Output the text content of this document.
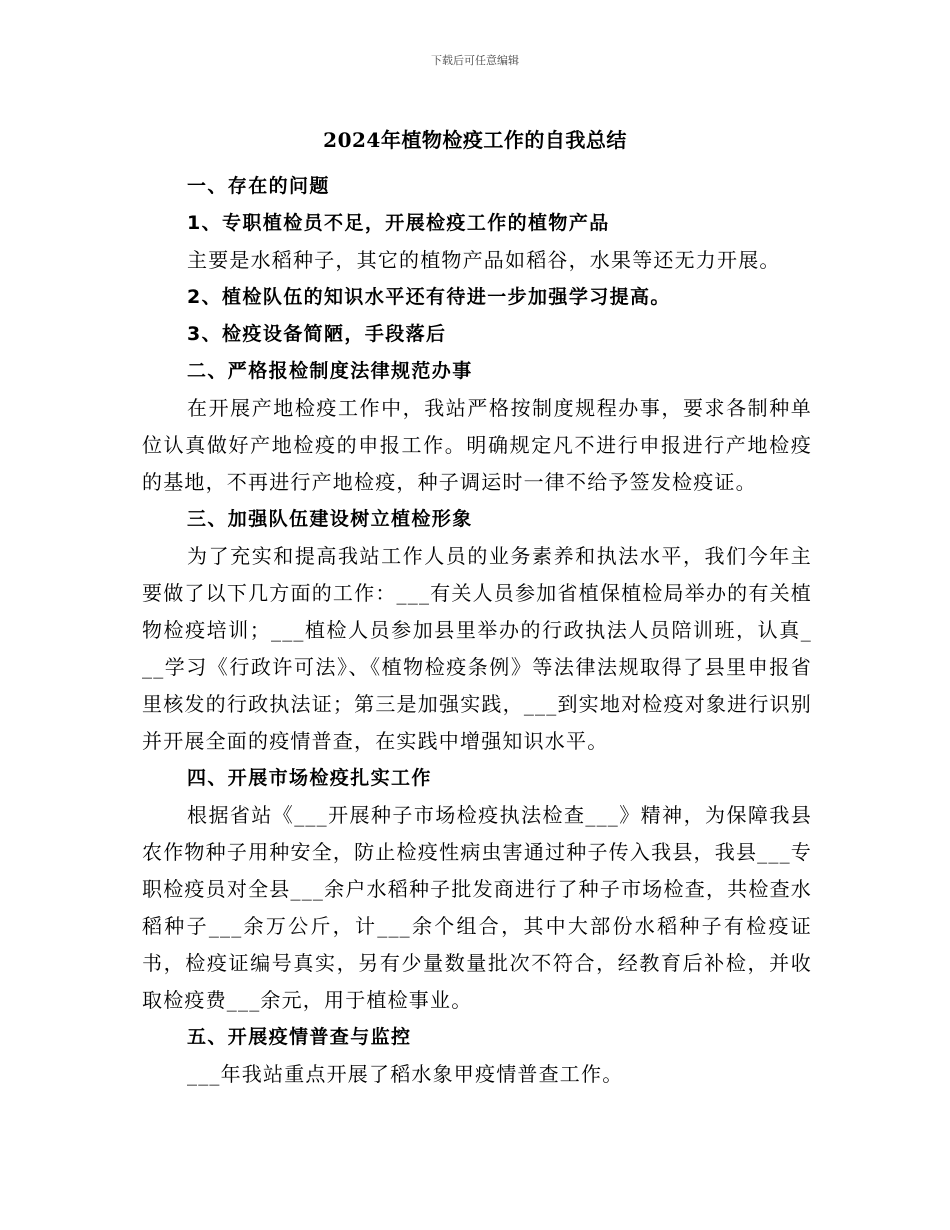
下载后可任意编辑
2024年植物检疫工作的自我总结

一、存在的问题

1、专职植检员不足，开展检疫工作的植物产品

主要是水稻种子，其它的植物产品如稻谷，水果等还无力开展。

2、植检队伍的知识水平还有待进一步加强学习提高。

3、检疫设备简陋，手段落后

二、严格报检制度法律规范办事

在开展产地检疫工作中，我站严格按制度规程办事，要求各制种单位认真做好产地检疫的申报工作。明确规定凡不进行申报进行产地检疫的基地，不再进行产地检疫，种子调运时一律不给予签发检疫证。

三、加强队伍建设树立植检形象

为了充实和提高我站工作人员的业务素养和执法水平，我们今年主要做了以下几方面的工作：___有关人员参加省植保植检局举办的有关植物检疫培训；___植检人员参加县里举办的行政执法人员陪训班，认真___学习《行政许可法》、《植物检疫条例》等法律法规取得了县里申报省里核发的行政执法证；第三是加强实践，___到实地对检疫对象进行识别并开展全面的疫情普查，在实践中增强知识水平。

四、开展市场检疫扎实工作

根据省站《___开展种子市场检疫执法检查___》精神，为保障我县农作物种子用种安全，防止检疫性病虫害通过种子传入我县，我县___专职检疫员对全县___余户水稻种子批发商进行了种子市场检查，共检查水稻种子___余万公斤，计___余个组合，其中大部份水稻种子有检疫证书，检疫证编号真实，另有少量数量批次不符合，经教育后补检，并收取检疫费___余元，用于植检事业。

五、开展疫情普查与监控

___年我站重点开展了稻水象甲疫情普查工作。
